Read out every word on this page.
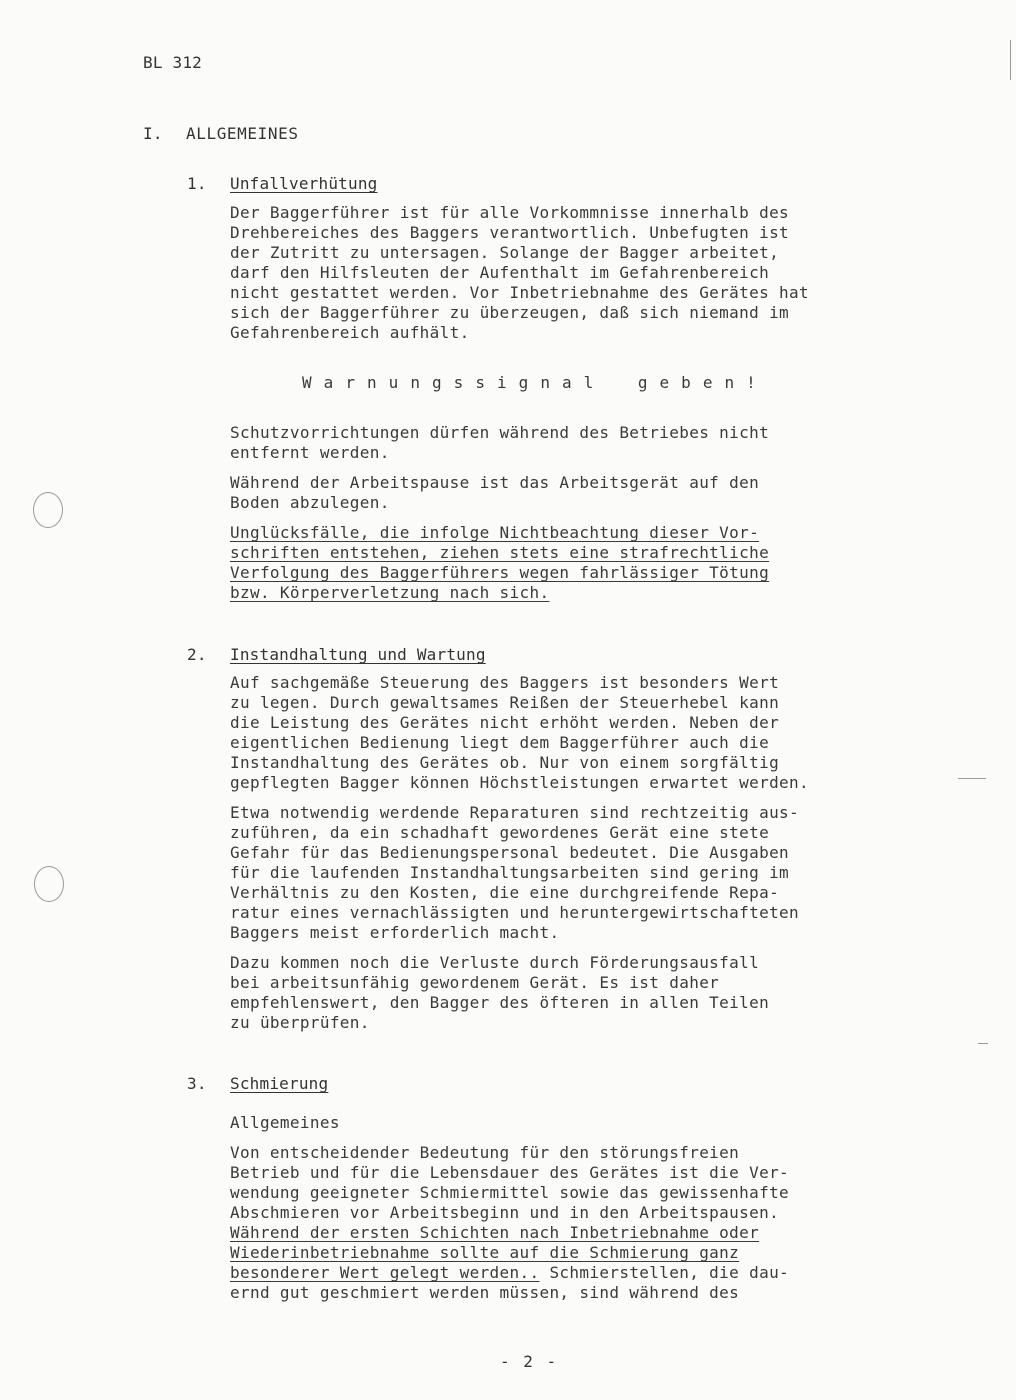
BL 312
I. ALLGEMEINES
1. Unfallverhütung
Der Baggerführer ist für alle Vorkommnisse innerhalb des
Drehbereiches des Baggers verantwortlich. Unbefugten ist
der Zutritt zu untersagen. Solange der Bagger arbeitet,
darf den Hilfsleuten der Aufenthalt im Gefahrenbereich
nicht gestattet werden. Vor Inbetriebnahme des Gerätes hat
sich der Baggerführer zu überzeugen, daß sich niemand im
Gefahrenbereich aufhält.
W a r n u n g s s i g n a l    g e b e n !
Schutzvorrichtungen dürfen während des Betriebes nicht
entfernt werden.
Während der Arbeitspause ist das Arbeitsgerät auf den
Boden abzulegen.
Unglücksfälle, die infolge Nichtbeachtung dieser Vor-
schriften entstehen, ziehen stets eine strafrechtliche
Verfolgung des Baggerführers wegen fahrlässiger Tötung
bzw. Körperverletzung nach sich.
2. Instandhaltung und Wartung
Auf sachgemäße Steuerung des Baggers ist besonders Wert
zu legen. Durch gewaltsames Reißen der Steuerhebel kann
die Leistung des Gerätes nicht erhöht werden. Neben der
eigentlichen Bedienung liegt dem Baggerführer auch die
Instandhaltung des Gerätes ob. Nur von einem sorgfältig
gepflegten Bagger können Höchstleistungen erwartet werden.
Etwa notwendig werdende Reparaturen sind rechtzeitig aus-
zuführen, da ein schadhaft gewordenes Gerät eine stete
Gefahr für das Bedienungspersonal bedeutet. Die Ausgaben
für die laufenden Instandhaltungsarbeiten sind gering im
Verhältnis zu den Kosten, die eine durchgreifende Repa-
ratur eines vernachlässigten und heruntergewirtschafteten
Baggers meist erforderlich macht.
Dazu kommen noch die Verluste durch Förderungsausfall
bei arbeitsunfähig gewordenem Gerät. Es ist daher
empfehlenswert, den Bagger des öfteren in allen Teilen
zu überprüfen.
3. Schmierung
Allgemeines
Von entscheidender Bedeutung für den störungsfreien
Betrieb und für die Lebensdauer des Gerätes ist die Ver-
wendung geeigneter Schmiermittel sowie das gewissenhafte
Abschmieren vor Arbeitsbeginn und in den Arbeitspausen.
Während der ersten Schichten nach Inbetriebnahme oder
Wiederinbetriebnahme sollte auf die Schmierung ganz
besonderer Wert gelegt werden.. Schmierstellen, die dau-
ernd gut geschmiert werden müssen, sind während des
- 2 -
